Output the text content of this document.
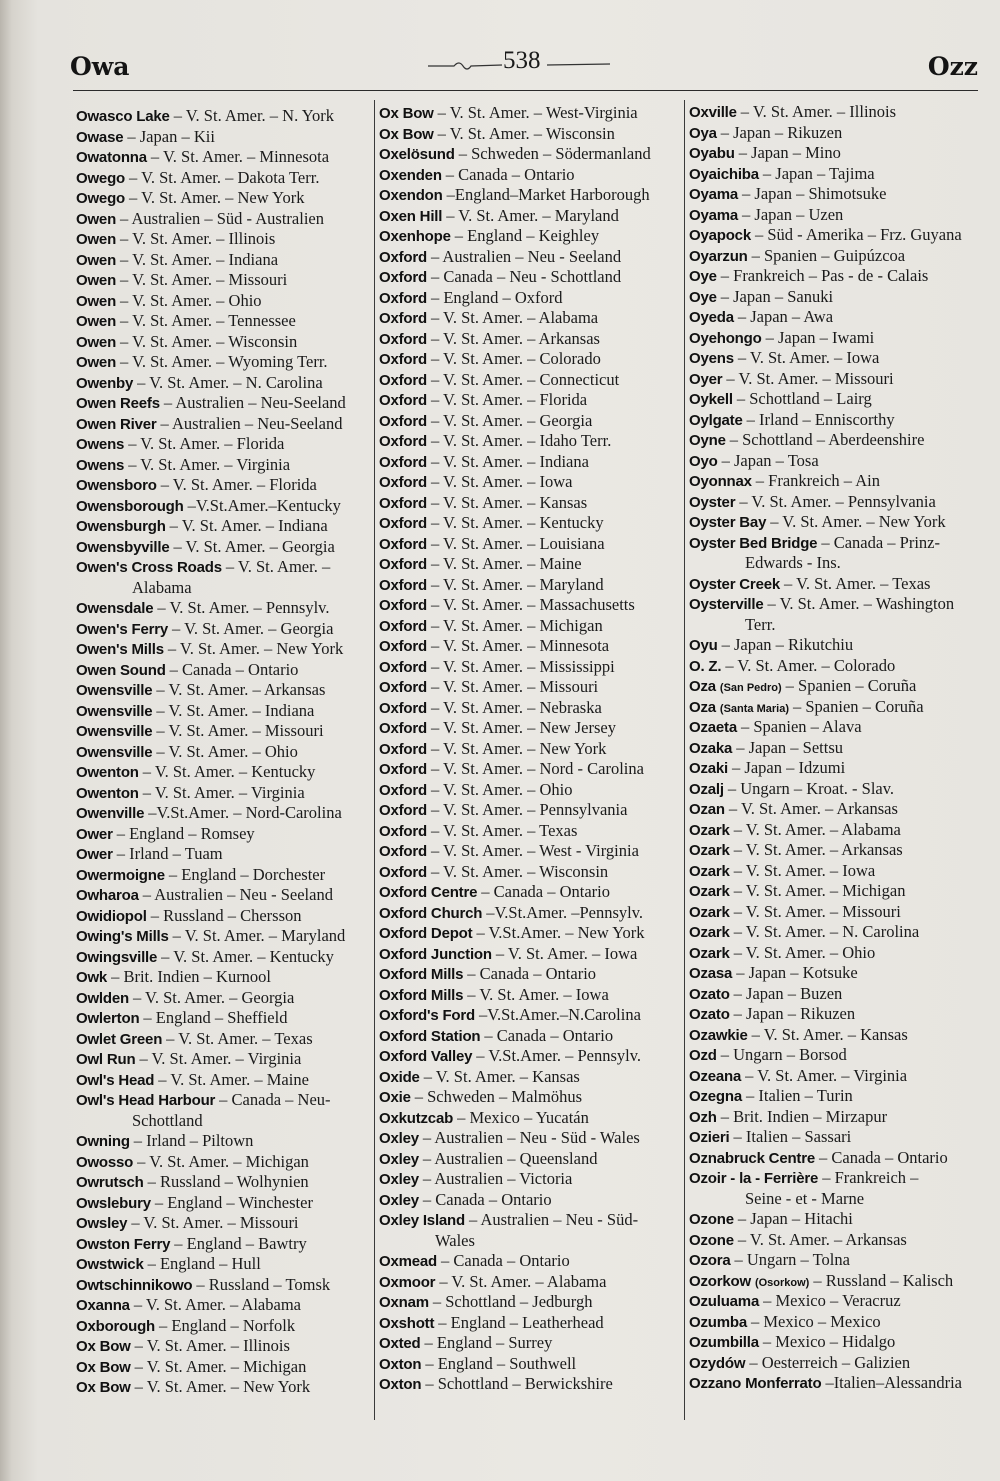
Owa	538	Ozz
Owasco Lake – V. St. Amer. – N. York
Owase – Japan – Kii
Owatonna – V. St. Amer. – Minnesota
Owego – V. St. Amer. – Dakota Terr.
Owego – V. St. Amer. – New York
Owen – Australien – Süd - Australien
Owen – V. St. Amer. – Illinois
Owen – V. St. Amer. – Indiana
Owen – V. St. Amer. – Missouri
Owen – V. St. Amer. – Ohio
Owen – V. St. Amer. – Tennessee
Owen – V. St. Amer. – Wisconsin
Owen – V. St. Amer. – Wyoming Terr.
Owenby – V. St. Amer. – N. Carolina
Owen Reefs – Australien – Neu-Seeland
Owen River – Australien – Neu-Seeland
Owens – V. St. Amer. – Florida
Owens – V. St. Amer. – Virginia
Owensboro – V. St. Amer. – Florida
Owensborough –V.St.Amer.–Kentucky
Owensburgh – V. St. Amer. – Indiana
Owensbyville – V. St. Amer. – Georgia
Owen's Cross Roads – V. St. Amer. –
Alabama
Owensdale – V. St. Amer. – Pennsylv.
Owen's Ferry – V. St. Amer. – Georgia
Owen's Mills – V. St. Amer. – New York
Owen Sound – Canada – Ontario
Owensville – V. St. Amer. – Arkansas
Owensville – V. St. Amer. – Indiana
Owensville – V. St. Amer. – Missouri
Owensville – V. St. Amer. – Ohio
Owenton – V. St. Amer. – Kentucky
Owenton – V. St. Amer. – Virginia
Owenville –V.St.Amer. – Nord-Carolina
Ower – England – Romsey
Ower – Irland – Tuam
Owermoigne – England – Dorchester
Owharoa – Australien – Neu - Seeland
Owidiopol – Russland – Chersson
Owing's Mills – V. St. Amer. – Maryland
Owingsville – V. St. Amer. – Kentucky
Owk – Brit. Indien – Kurnool
Owlden – V. St. Amer. – Georgia
Owlerton – England – Sheffield
Owlet Green – V. St. Amer. – Texas
Owl Run – V. St. Amer. – Virginia
Owl's Head – V. St. Amer. – Maine
Owl's Head Harbour – Canada – Neu-
Schottland
Owning – Irland – Piltown
Owosso – V. St. Amer. – Michigan
Owrutsch – Russland – Wolhynien
Owslebury – England – Winchester
Owsley – V. St. Amer. – Missouri
Owston Ferry – England – Bawtry
Owstwick – England – Hull
Owtschinnikowo – Russland – Tomsk
Oxanna – V. St. Amer. – Alabama
Oxborough – England – Norfolk
Ox Bow – V. St. Amer. – Illinois
Ox Bow – V. St. Amer. – Michigan
Ox Bow – V. St. Amer. – New York
Ox Bow – V. St. Amer. – West-Virginia
Ox Bow – V. St. Amer. – Wisconsin
Oxelösund – Schweden – Södermanland
Oxenden – Canada – Ontario
Oxendon –England–Market Harborough
Oxen Hill – V. St. Amer. – Maryland
Oxenhope – England – Keighley
Oxford – Australien – Neu - Seeland
Oxford – Canada – Neu - Schottland
Oxford – England – Oxford
Oxford – V. St. Amer. – Alabama
Oxford – V. St. Amer. – Arkansas
Oxford – V. St. Amer. – Colorado
Oxford – V. St. Amer. – Connecticut
Oxford – V. St. Amer. – Florida
Oxford – V. St. Amer. – Georgia
Oxford – V. St. Amer. – Idaho Terr.
Oxford – V. St. Amer. – Indiana
Oxford – V. St. Amer. – Iowa
Oxford – V. St. Amer. – Kansas
Oxford – V. St. Amer. – Kentucky
Oxford – V. St. Amer. – Louisiana
Oxford – V. St. Amer. – Maine
Oxford – V. St. Amer. – Maryland
Oxford – V. St. Amer. – Massachusetts
Oxford – V. St. Amer. – Michigan
Oxford – V. St. Amer. – Minnesota
Oxford – V. St. Amer. – Mississippi
Oxford – V. St. Amer. – Missouri
Oxford – V. St. Amer. – Nebraska
Oxford – V. St. Amer. – New Jersey
Oxford – V. St. Amer. – New York
Oxford – V. St. Amer. – Nord - Carolina
Oxford – V. St. Amer. – Ohio
Oxford – V. St. Amer. – Pennsylvania
Oxford – V. St. Amer. – Texas
Oxford – V. St. Amer. – West - Virginia
Oxford – V. St. Amer. – Wisconsin
Oxford Centre – Canada – Ontario
Oxford Church –V.St.Amer. –Pennsylv.
Oxford Depot – V.St.Amer. – New York
Oxford Junction – V. St. Amer. – Iowa
Oxford Mills – Canada – Ontario
Oxford Mills – V. St. Amer. – Iowa
Oxford's Ford –V.St.Amer.–N.Carolina
Oxford Station – Canada – Ontario
Oxford Valley – V.St.Amer. – Pennsylv.
Oxide – V. St. Amer. – Kansas
Oxie – Schweden – Malmöhus
Oxkutzcab – Mexico – Yucatán
Oxley – Australien – Neu - Süd - Wales
Oxley – Australien – Queensland
Oxley – Australien – Victoria
Oxley – Canada – Ontario
Oxley Island – Australien – Neu - Süd-
Wales
Oxmead – Canada – Ontario
Oxmoor – V. St. Amer. – Alabama
Oxnam – Schottland – Jedburgh
Oxshott – England – Leatherhead
Oxted – England – Surrey
Oxton – England – Southwell
Oxton – Schottland – Berwickshire
Oxville – V. St. Amer. – Illinois
Oya – Japan – Rikuzen
Oyabu – Japan – Mino
Oyaichiba – Japan – Tajima
Oyama – Japan – Shimotsuke
Oyama – Japan – Uzen
Oyapock – Süd - Amerika – Frz. Guyana
Oyarzun – Spanien – Guipúzcoa
Oye – Frankreich – Pas - de - Calais
Oye – Japan – Sanuki
Oyeda – Japan – Awa
Oyehongo – Japan – Iwami
Oyens – V. St. Amer. – Iowa
Oyer – V. St. Amer. – Missouri
Oykell – Schottland – Lairg
Oylgate – Irland – Enniscorthy
Oyne – Schottland – Aberdeenshire
Oyo – Japan – Tosa
Oyonnax – Frankreich – Ain
Oyster – V. St. Amer. – Pennsylvania
Oyster Bay – V. St. Amer. – New York
Oyster Bed Bridge – Canada – Prinz-
Edwards - Ins.
Oyster Creek – V. St. Amer. – Texas
Oysterville – V. St. Amer. – Washington
Terr.
Oyu – Japan – Rikutchiu
O. Z. – V. St. Amer. – Colorado
Oza (San Pedro) – Spanien – Coruña
Oza (Santa Maria) – Spanien – Coruña
Ozaeta – Spanien – Alava
Ozaka – Japan – Settsu
Ozaki – Japan – Idzumi
Ozalj – Ungarn – Kroat. - Slav.
Ozan – V. St. Amer. – Arkansas
Ozark – V. St. Amer. – Alabama
Ozark – V. St. Amer. – Arkansas
Ozark – V. St. Amer. – Iowa
Ozark – V. St. Amer. – Michigan
Ozark – V. St. Amer. – Missouri
Ozark – V. St. Amer. – N. Carolina
Ozark – V. St. Amer. – Ohio
Ozasa – Japan – Kotsuke
Ozato – Japan – Buzen
Ozato – Japan – Rikuzen
Ozawkie – V. St. Amer. – Kansas
Ozd – Ungarn – Borsod
Ozeana – V. St. Amer. – Virginia
Ozegna – Italien – Turin
Ozh – Brit. Indien – Mirzapur
Ozieri – Italien – Sassari
Oznabruck Centre – Canada – Ontario
Ozoir - la - Ferrière – Frankreich –
Seine - et - Marne
Ozone – Japan – Hitachi
Ozone – V. St. Amer. – Arkansas
Ozora – Ungarn – Tolna
Ozorkow (Osorkow) – Russland – Kalisch
Ozuluama – Mexico – Veracruz
Ozumba – Mexico – Mexico
Ozumbilla – Mexico – Hidalgo
Ozydów – Oesterreich – Galizien
Ozzano Monferrato –Italien–Alessandria
